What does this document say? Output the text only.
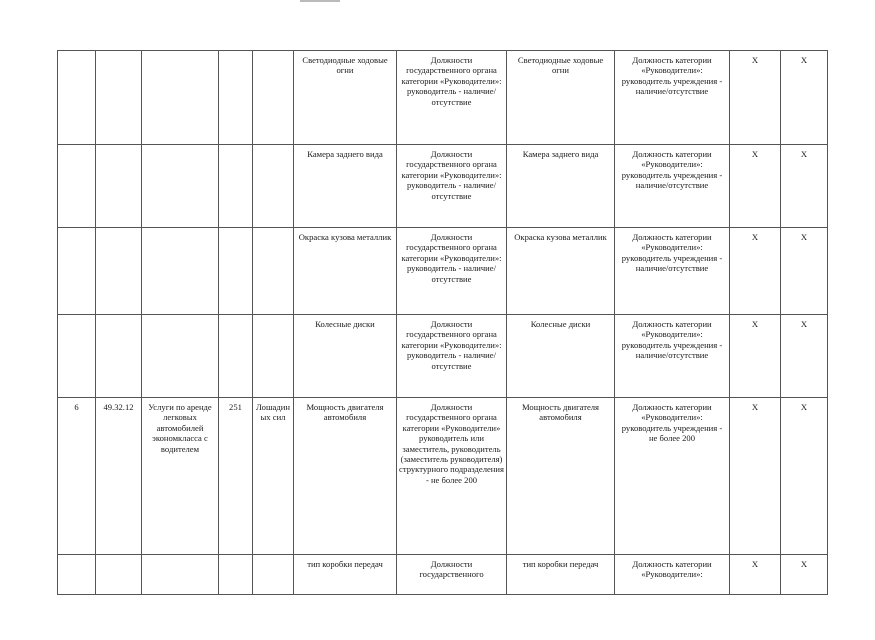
					Светодиодные ходовые огни	Должности государственного органа категории «Руководители»: руководитель - наличие/отсутствие	Светодиодные ходовые огни	Должность категории «Руководители»: руководитель учреждения - наличие/отсутствие	X	X
					Камера заднего вида	Должности государственного органа категории «Руководители»: руководитель - наличие/отсутствие	Камера заднего вида	Должность категории «Руководители»: руководитель учреждения - наличие/отсутствие	X	X
					Окраска кузова металлик	Должности государственного органа категории «Руководители»: руководитель - наличие/отсутствие	Окраска кузова металлик	Должность категории «Руководители»: руководитель учреждения - наличие/отсутствие	X	X
					Колесные диски	Должности государственного органа категории «Руководители»: руководитель - наличие/отсутствие	Колесные диски	Должность категории «Руководители»: руководитель учреждения - наличие/отсутствие	X	X
6	49.32.12	Услуги по аренде легковых автомобилей экономкласса с водителем	251	Лошадиных сил	Мощность двигателя автомобиля	Должности государственного органа категории «Руководители» руководитель или заместитель, руководитель (заместитель руководителя) структурного подразделения - не более 200	Мощность двигателя автомобиля	Должность категории «Руководители»: руководитель учреждения - не более 200	X	X
					тип коробки передач	Должности государственного	тип коробки передач	Должность категории «Руководители»:	X	X
